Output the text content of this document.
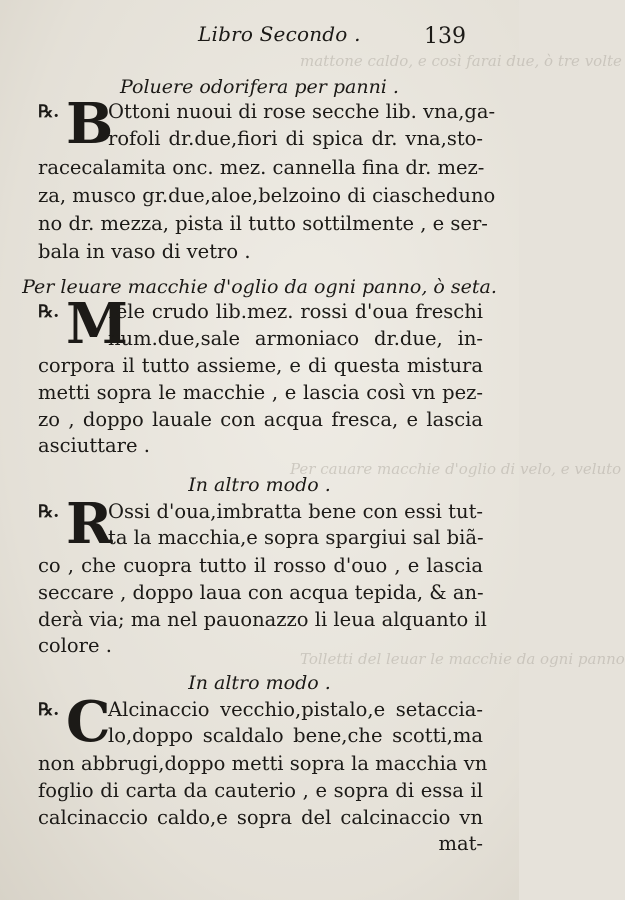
mattone caldo, e così farai due, ò tre volte
Per cauare macchie d'oglio di velo, e veluto
Tolletti del leuar le macchie da ogni panno
Libro Secondo .	139
Poluere odorifera per panni .
℞. B
Ottoni nuoui di rose secche lib. vna,ga-
rofoli dr.due,fiori di spica dr. vna,sto-
racecalamita onc. mez. cannella fina dr. mez-
za, musco gr.due,aloe,belzoino di ciascheduno
no dr. mezza, pista il tutto sottilmente , e ser-
bala in vaso di vetro .
Per leuare macchie d'oglio da ogni panno, ò seta.
℞. M
Iele crudo lib.mez. rossi d'oua freschi
num.due,sale armoniaco dr.due, in-
corpora il tutto assieme, e di questa mistura
metti sopra le macchie , e lascia così vn pez-
zo , doppo lauale con acqua fresca, e lascia
asciuttare .
In altro modo .
℞. R
Ossi d'oua,imbratta bene con essi tut-
ta la macchia,e sopra spargiui sal biã-
co , che cuopra tutto il rosso d'ouo , e lascia
seccare , doppo laua con acqua tepida, & an-
derà via; ma nel pauonazzo li leua alquanto il
colore .
In altro modo .
℞. C
Alcinaccio vecchio,pistalo,e setaccia-
lo,doppo scaldalo bene,che scotti,ma
non abbrugi,doppo metti sopra la macchia vn
foglio di carta da cauterio , e sopra di essa il
calcinaccio caldo,e sopra del calcinaccio vn
mat-
